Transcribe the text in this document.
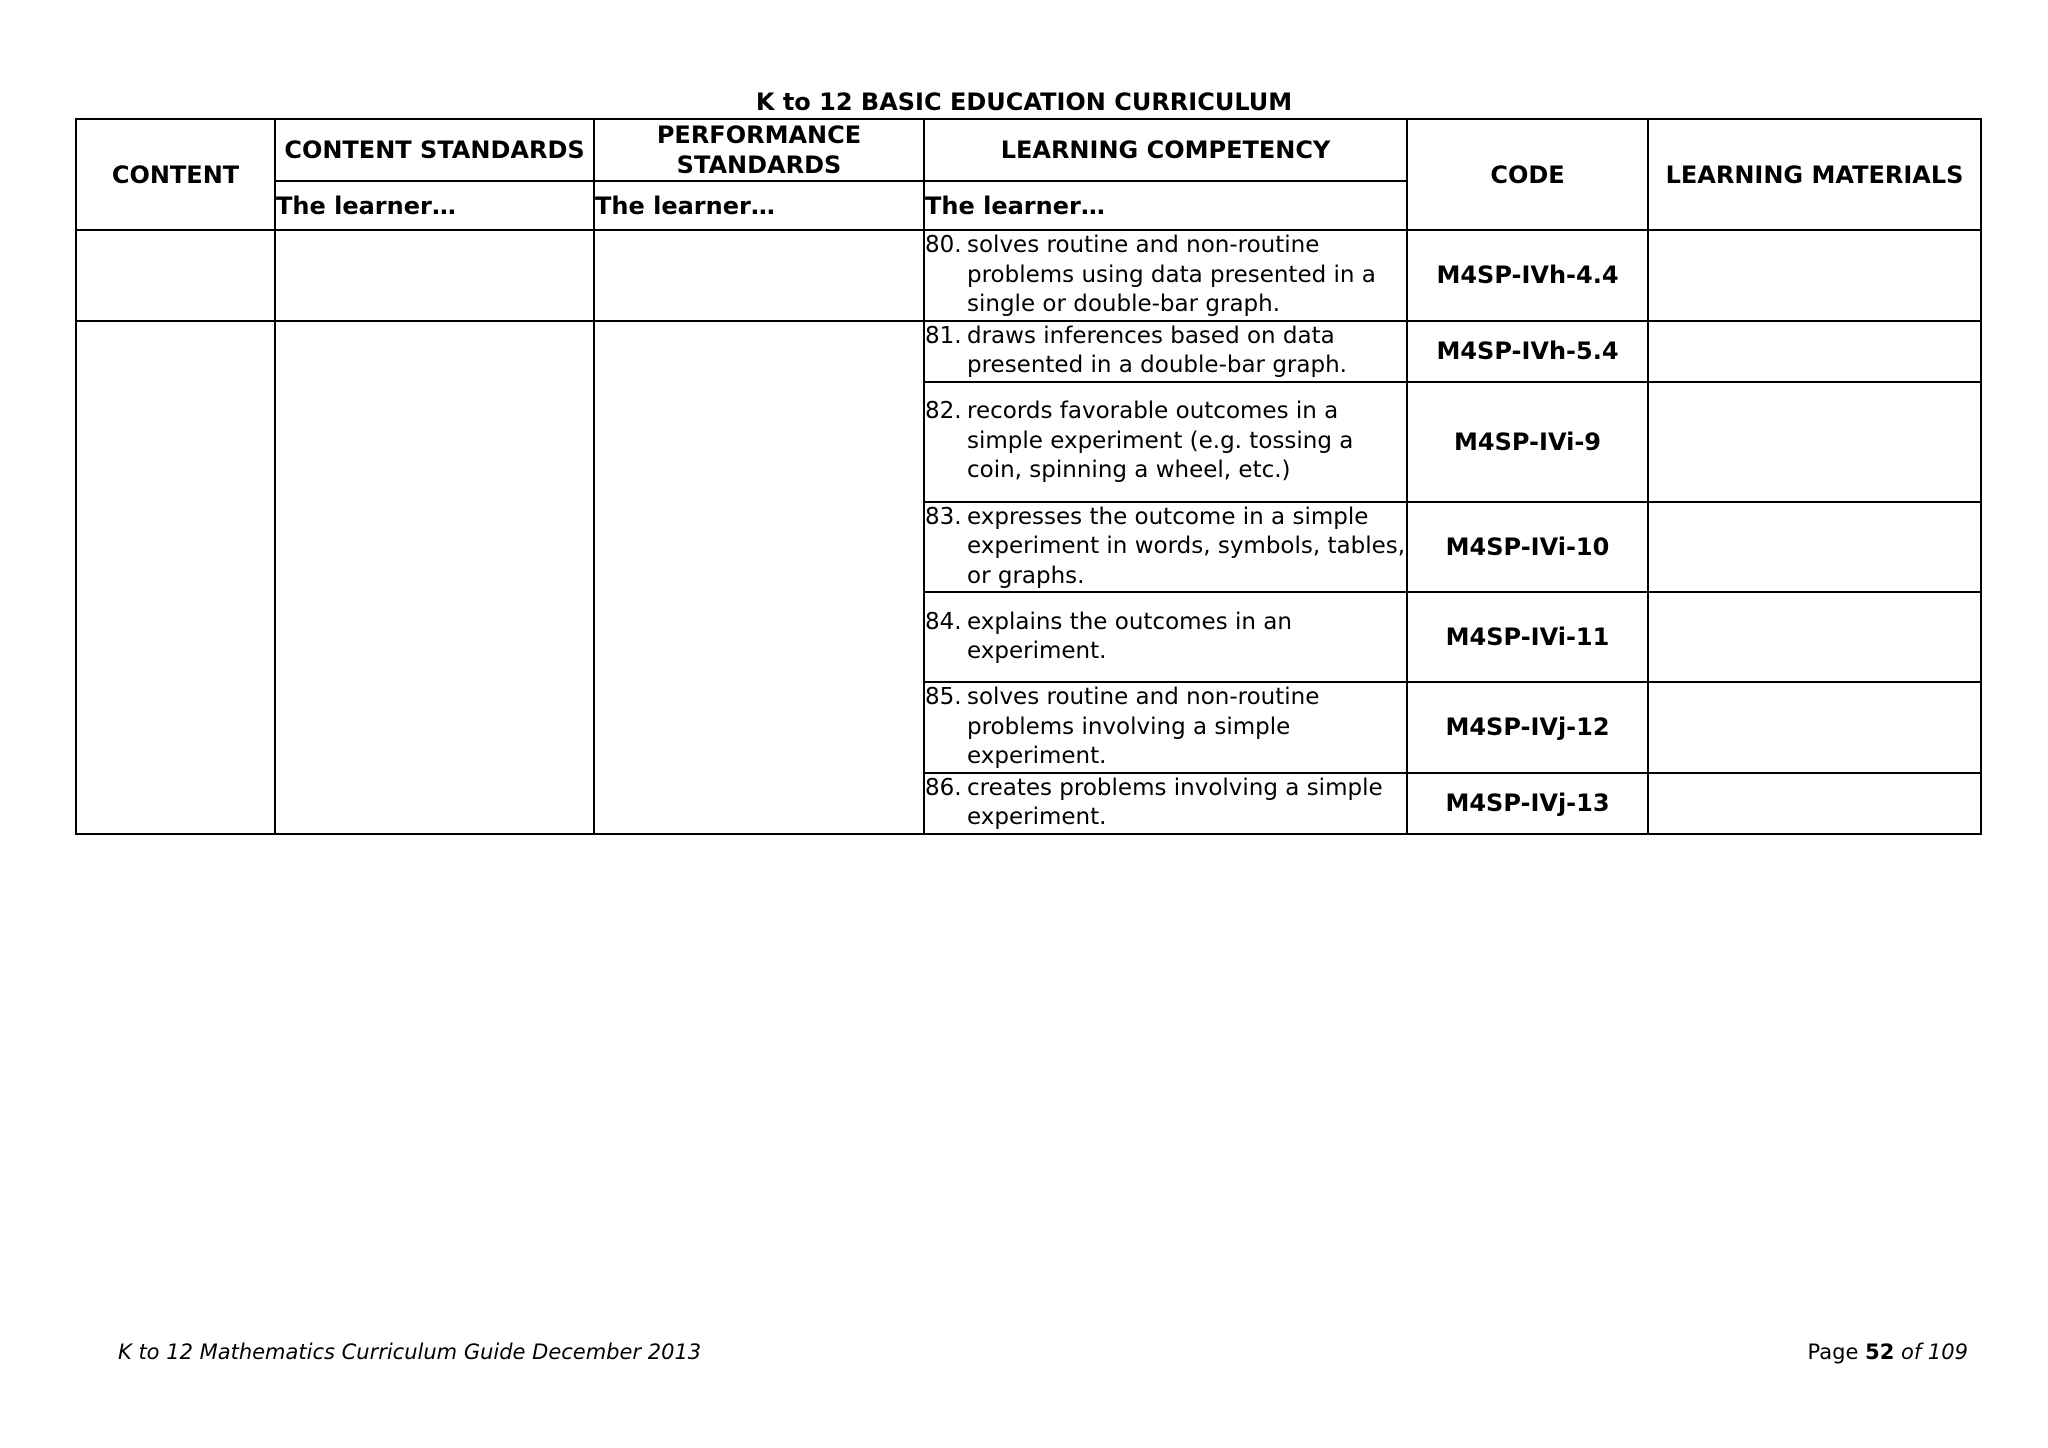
K to 12 BASIC EDUCATION CURRICULUM
CONTENT	CONTENT STANDARDS	PERFORMANCE STANDARDS	LEARNING COMPETENCY	CODE	LEARNING MATERIALS
	The learner…	The learner…	The learner…		

			80. solves routine and non-routine problems using data presented in a single or double-bar graph.	M4SP-IVh-4.4	

			81. draws inferences based on data presented in a double-bar graph.	M4SP-IVh-5.4	

			82. records favorable outcomes in a simple experiment (e.g. tossing a coin, spinning a wheel, etc.)	M4SP-IVi-9	

			83. expresses the outcome in a simple experiment in words, symbols, tables, or graphs.	M4SP-IVi-10	

			84. explains the outcomes in an experiment.	M4SP-IVi-11	

			85. solves routine and non-routine problems involving a simple experiment.	M4SP-IVj-12	

			86. creates problems involving a simple experiment.	M4SP-IVj-13	
K to 12 Mathematics Curriculum Guide December 2013	Page 52 of 109
